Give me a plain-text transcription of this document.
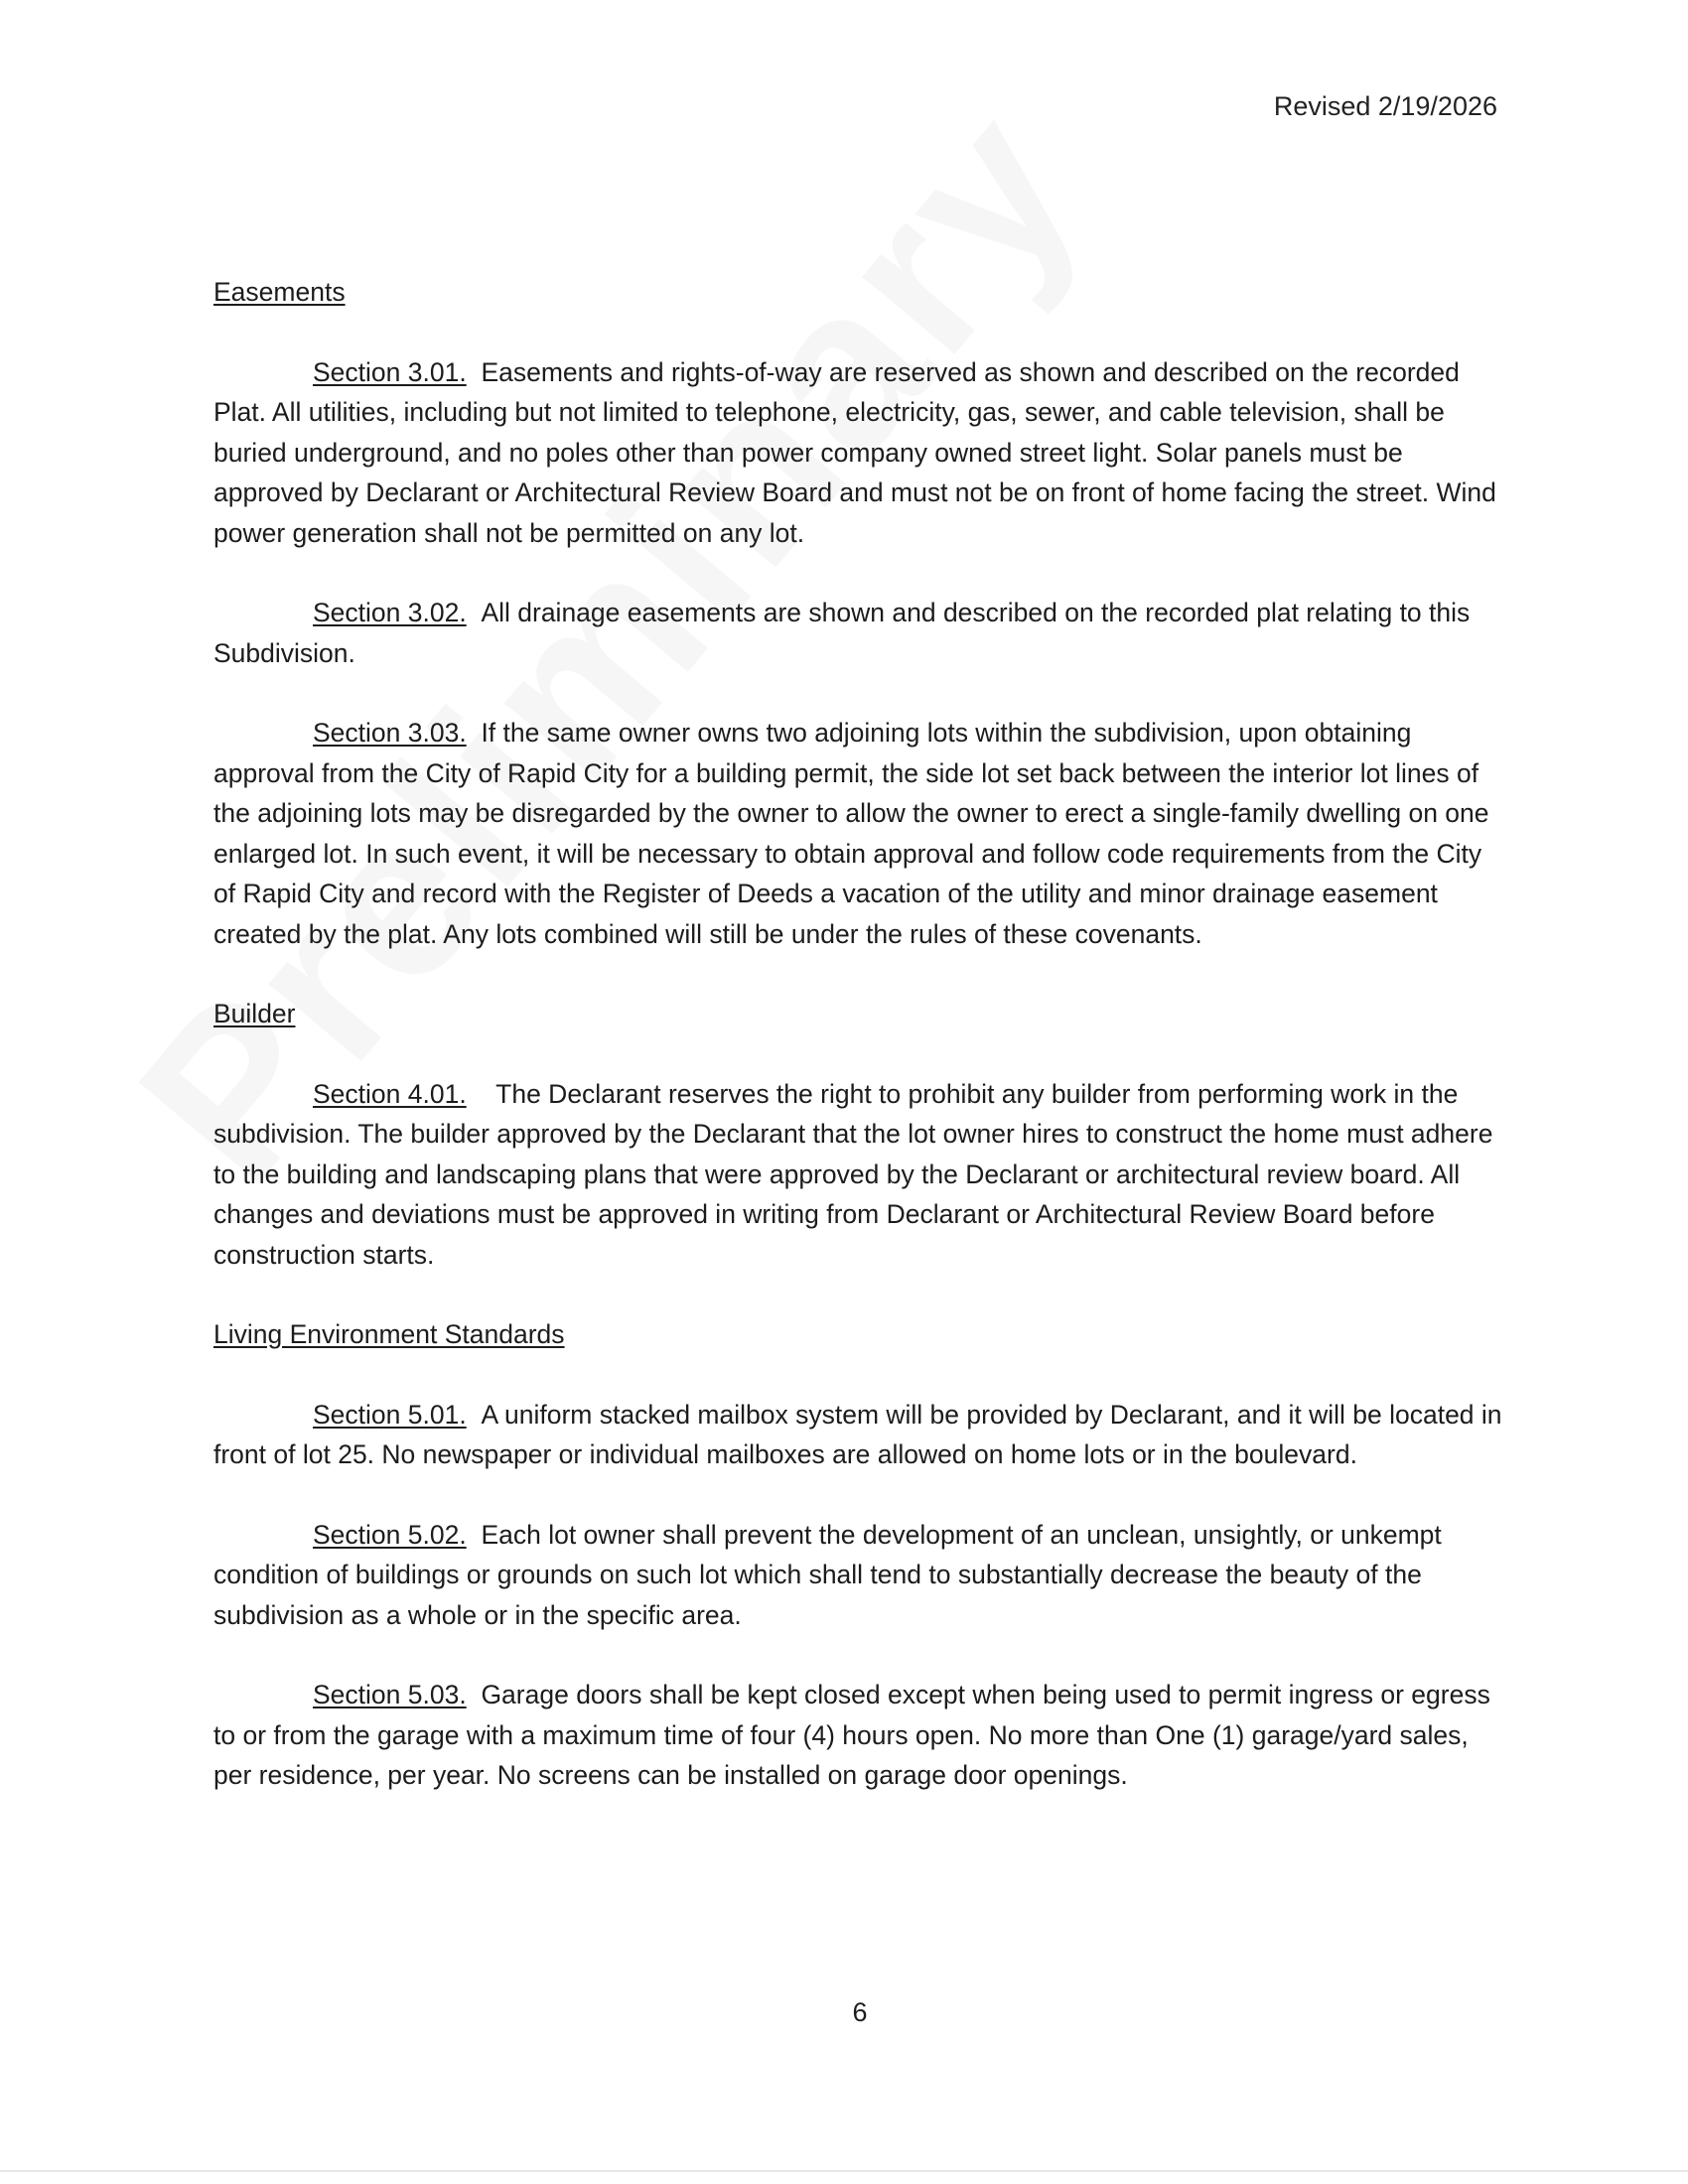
Revised 2/19/2026
Easements

Section 3.01. Easements and rights-of-way are reserved as shown and described on the recorded Plat. All utilities, including but not limited to telephone, electricity, gas, sewer, and cable television, shall be buried underground, and no poles other than power company owned street light. Solar panels must be approved by Declarant or Architectural Review Board and must not be on front of home facing the street. Wind power generation shall not be permitted on any lot.

Section 3.02. All drainage easements are shown and described on the recorded plat relating to this Subdivision.

Section 3.03. If the same owner owns two adjoining lots within the subdivision, upon obtaining approval from the City of Rapid City for a building permit, the side lot set back between the interior lot lines of the adjoining lots may be disregarded by the owner to allow the owner to erect a single-family dwelling on one enlarged lot. In such event, it will be necessary to obtain approval and follow code requirements from the City of Rapid City and record with the Register of Deeds a vacation of the utility and minor drainage easement created by the plat. Any lots combined will still be under the rules of these covenants.

Builder

Section 4.01. The Declarant reserves the right to prohibit any builder from performing work in the subdivision. The builder approved by the Declarant that the lot owner hires to construct the home must adhere to the building and landscaping plans that were approved by the Declarant or architectural review board. All changes and deviations must be approved in writing from Declarant or Architectural Review Board before construction starts.

Living Environment Standards

Section 5.01. A uniform stacked mailbox system will be provided by Declarant, and it will be located in front of lot 25. No newspaper or individual mailboxes are allowed on home lots or in the boulevard.

Section 5.02. Each lot owner shall prevent the development of an unclean, unsightly, or unkempt condition of buildings or grounds on such lot which shall tend to substantially decrease the beauty of the subdivision as a whole or in the specific area.

Section 5.03. Garage doors shall be kept closed except when being used to permit ingress or egress to or from the garage with a maximum time of four (4) hours open. No more than One (1) garage/yard sales, per residence, per year. No screens can be installed on garage door openings.

6
